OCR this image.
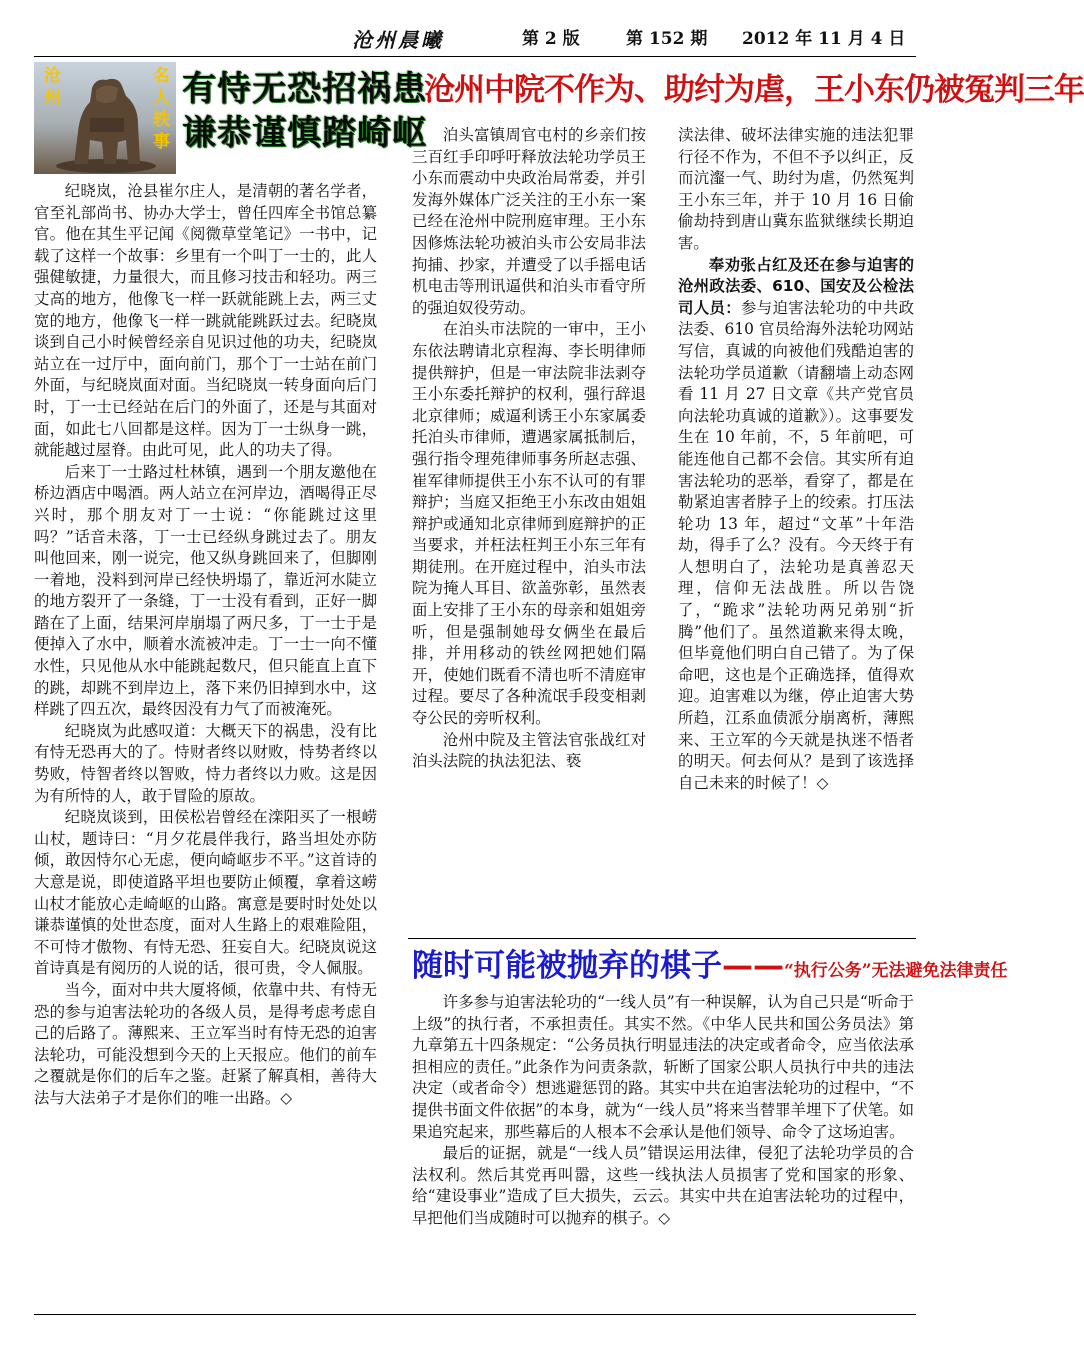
沧州晨曦	第 2 版	第 152 期 2012 年 11 月 4 日
沧州	名人轶事 有恃无恐招祸患
谦恭谨慎踏崎岖

纪晓岚，沧县崔尔庄人，是清朝的著名学者，官至礼部尚书、协办大学士，曾任四库全书馆总纂官。他在其生平记闻《阅微草堂笔记》一书中，记载了这样一个故事：乡里有一个叫丁一士的，此人强健敏捷，力量很大，而且修习技击和轻功。两三丈高的地方，他像飞一样一跃就能跳上去，两三丈宽的地方，他像飞一样一跳就能跳跃过去。纪晓岚谈到自己小时候曾经亲自见识过他的功夫，纪晓岚站立在一过厅中，面向前门，那个丁一士站在前门外面，与纪晓岚面对面。当纪晓岚一转身面向后门时，丁一士已经站在后门的外面了，还是与其面对面，如此七八回都是这样。因为丁一士纵身一跳，就能越过屋脊。由此可见，此人的功夫了得。

后来丁一士路过杜林镇，遇到一个朋友邀他在桥边酒店中喝酒。两人站立在河岸边，酒喝得正尽兴时，那个朋友对丁一士说：“你能跳过这里吗？”话音未落，丁一士已经纵身跳过去了。朋友叫他回来，刚一说完，他又纵身跳回来了，但脚刚一着地，没料到河岸已经快坍塌了，靠近河水陡立的地方裂开了一条缝，丁一士没有看到，正好一脚踏在了上面，结果河岸崩塌了两尺多，丁一士于是便掉入了水中，顺着水流被冲走。丁一士一向不懂水性，只见他从水中能跳起数尺，但只能直上直下的跳，却跳不到岸边上，落下来仍旧掉到水中，这样跳了四五次，最终因没有力气了而被淹死。

纪晓岚为此感叹道：大概天下的祸患，没有比有恃无恐再大的了。恃财者终以财败，恃势者终以势败，恃智者终以智败，恃力者终以力败。这是因为有所恃的人，敢于冒险的原故。

纪晓岚谈到，田侯松岩曾经在滦阳买了一根崂山杖，题诗曰：“月夕花晨伴我行，路当坦处亦防倾，敢因恃尔心无虑，便向崎岖步不平。”这首诗的大意是说，即使道路平坦也要防止倾覆，拿着这崂山杖才能放心走崎岖的山路。寓意是要时时处处以谦恭谨慎的处世态度，面对人生路上的艰难险阻，不可恃才傲物、有恃无恐、狂妄自大。纪晓岚说这首诗真是有阅历的人说的话，很可贵，令人佩服。

当今，面对中共大厦将倾，依靠中共、有恃无恐的参与迫害法轮功的各级人员，是得考虑考虑自己的后路了。薄熙来、王立军当时有恃无恐的迫害法轮功，可能没想到今天的上天报应。他们的前车之覆就是你们的后车之鉴。赶紧了解真相，善待大法与大法弟子才是你们的唯一出路。◇

沧州中院不作为、助纣为虐，王小东仍被冤判三年

泊头富镇周官屯村的乡亲们按三百红手印呼吁释放法轮功学员王小东而震动中央政治局常委，并引发海外媒体广泛关注的王小东一案已经在沧州中院刑庭审理。王小东因修炼法轮功被泊头市公安局非法拘捕、抄家，并遭受了以手摇电话机电击等刑讯逼供和泊头市看守所的强迫奴役劳动。

在泊头市法院的一审中，王小东依法聘请北京程海、李长明律师提供辩护，但是一审法院非法剥夺王小东委托辩护的权利，强行辞退北京律师；威逼利诱王小东家属委托泊头市律师，遭遇家属抵制后，强行指令理苑律师事务所赵志强、崔军律师提供王小东不认可的有罪辩护；当庭又拒绝王小东改由姐姐辩护或通知北京律师到庭辩护的正当要求，并枉法枉判王小东三年有期徒刑。在开庭过程中，泊头市法院为掩人耳目、欲盖弥彰，虽然表面上安排了王小东的母亲和姐姐旁听，但是强制她母女俩坐在最后排，并用移动的铁丝网把她们隔开，使她们既看不清也听不清庭审过程。要尽了各种流氓手段变相剥夺公民的旁听权利。

沧州中院及主管法官张战红对泊头法院的执法犯法、亵

渎法律、破坏法律实施的违法犯罪行径不作为，不但不予以纠正，反而沆瀣一气、助纣为虐，仍然冤判王小东三年，并于 10 月 16 日偷偷劫持到唐山冀东监狱继续长期迫害。

奉劝张占红及还在参与迫害的沧州政法委、610、国安及公检法司人员：参与迫害法轮功的中共政法委、610 官员给海外法轮功网站写信，真诚的向被他们残酷迫害的法轮功学员道歉（请翻墙上动态网看 11 月 27 日文章《共产党官员向法轮功真诚的道歉》）。这事要发生在 10 年前，不，5 年前吧，可能连他自己都不会信。其实所有迫害法轮功的恶举，看穿了，都是在勒紧迫害者脖子上的绞索。打压法轮功 13 年，超过“文革”十年浩劫，得手了么？没有。今天终于有人想明白了，法轮功是真善忍天理，信仰无法战胜。所以告饶了，“跪求”法轮功两兄弟别“折腾”他们了。虽然道歉来得太晚，但毕竟他们明白自己错了。为了保命吧，这也是个正确选择，值得欢迎。迫害难以为继，停止迫害大势所趋，江系血债派分崩离析，薄熙来、王立军的今天就是执迷不悟者的明天。何去何从？是到了该选择自己未来的时候了！◇

随时可能被抛弃的棋子——“执行公务”无法避免法律责任

许多参与迫害法轮功的“一线人员”有一种误解，认为自己只是“听命于上级”的执行者，不承担责任。其实不然。《中华人民共和国公务员法》第九章第五十四条规定：“公务员执行明显违法的决定或者命令，应当依法承担相应的责任。”此条作为问责条款，斩断了国家公职人员执行中共的违法决定（或者命令）想逃避惩罚的路。其实中共在迫害法轮功的过程中，“不提供书面文件依据”的本身，就为“一线人员”将来当替罪羊埋下了伏笔。如果追究起来，那些幕后的人根本不会承认是他们领导、命令了这场迫害。

最后的证据，就是“一线人员”错误运用法律，侵犯了法轮功学员的合法权利。然后其党再叫嚣，这些一线执法人员损害了党和国家的形象、给“建设事业”造成了巨大损失，云云。其实中共在迫害法轮功的过程中，早把他们当成随时可以抛弃的棋子。◇
